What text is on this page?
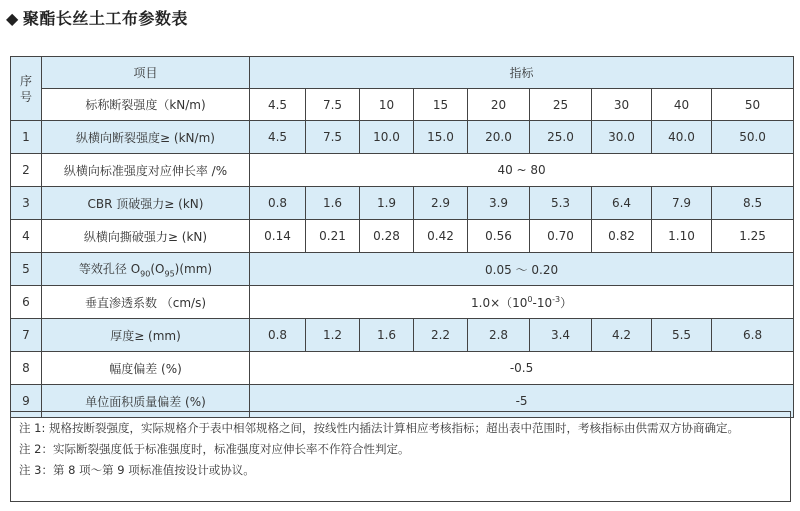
◆ 聚酯长丝土工布参数表
序号	项目	指标								
	标称断裂强度（kN/m)	4.5	7.5	10	15	20	25	30	40	50
1	纵横向断裂强度≥ (kN/m)	4.5	7.5	10.0	15.0	20.0	25.0	30.0	40.0	50.0
2	纵横向标准强度对应伸长率 /%	40 ~ 80								
3	CBR 顶破强力≥ (kN)	0.8	1.6	1.9	2.9	3.9	5.3	6.4	7.9	8.5
4	纵横向撕破强力≥ (kN)	0.14	0.21	0.28	0.42	0.56	0.70	0.82	1.10	1.25
5	等效孔径 $O_{90}(O_{95})(mm)$	0.05 ～ 0.20								
6	垂直渗透系数 （cm/s)	$1.0\times(10^0-10^{-3})$								
7	厚度≥ (mm)	0.8	1.2	1.6	2.2	2.8	3.4	4.2	5.5	6.8
8	幅度偏差 (%)	-0.5								
9	单位面积质量偏差 (%)	-5								
注 1: 规格按断裂强度，实际规格介于表中相邻规格之间，按线性内插法计算相应考核指标；超出表中范围时，考核指标由供需双方协商确定。
注 2：实际断裂强度低于标准强度时，标准强度对应伸长率不作符合性判定。
注 3：第 8 项～第 9 项标准值按设计或协议。
